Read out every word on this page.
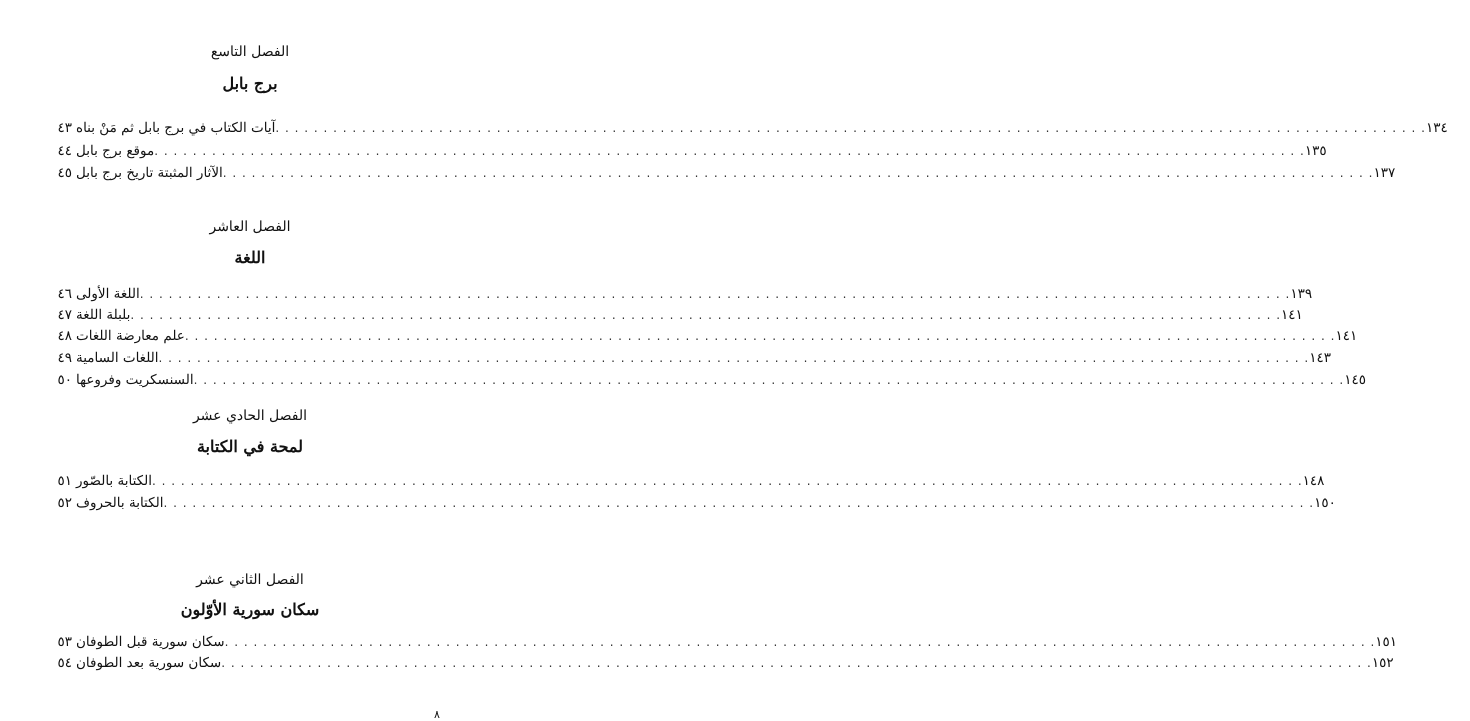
الفصل التاسع
برج بابل
٤٣ آيات الكتاب في برج بابل ثم مَنْ بناه . . . . . . . . . . . . . . . . . . . . . . . . . . . . . . . . . . . . . . . . . . . . . . . . . . . . . . . . . . . . . . . . . . . . . . . . . . . . . . . . . . . . . . . . . . . . . . . . . . . . . . . . . . . . . . . . . . . . . . . . ١٣٤
٤٤ موقع برج بابل . . . . . . . . . . . . . . . . . . . . . . . . . . . . . . . . . . . . . . . . . . . . . . . . . . . . . . . . . . . . . . . . . . . . . . . . . . . . . . . . . . . . . . . . . . . . . . . . . . . . . . . . . . . . . . . . . . . . . . . . ١٣٥
٤٥ الآثار المثبتة تاريخ برج بابل . . . . . . . . . . . . . . . . . . . . . . . . . . . . . . . . . . . . . . . . . . . . . . . . . . . . . . . . . . . . . . . . . . . . . . . . . . . . . . . . . . . . . . . . . . . . . . . . . . . . . . . . . . . . . . . . . . . . . . . . ١٣٧
الفصل العاشر
اللغة
٤٦ اللغة الأولى . . . . . . . . . . . . . . . . . . . . . . . . . . . . . . . . . . . . . . . . . . . . . . . . . . . . . . . . . . . . . . . . . . . . . . . . . . . . . . . . . . . . . . . . . . . . . . . . . . . . . . . . . . . . . . . . . . . . . . . . ١٣٩
٤٧ بلبلة اللغة . . . . . . . . . . . . . . . . . . . . . . . . . . . . . . . . . . . . . . . . . . . . . . . . . . . . . . . . . . . . . . . . . . . . . . . . . . . . . . . . . . . . . . . . . . . . . . . . . . . . . . . . . . . . . . . . . . . . . . . . ١٤١
٤٨ علم معارضة اللغات . . . . . . . . . . . . . . . . . . . . . . . . . . . . . . . . . . . . . . . . . . . . . . . . . . . . . . . . . . . . . . . . . . . . . . . . . . . . . . . . . . . . . . . . . . . . . . . . . . . . . . . . . . . . . . . . . . . . . . . . ١٤١
٤٩ اللغات السامية . . . . . . . . . . . . . . . . . . . . . . . . . . . . . . . . . . . . . . . . . . . . . . . . . . . . . . . . . . . . . . . . . . . . . . . . . . . . . . . . . . . . . . . . . . . . . . . . . . . . . . . . . . . . . . . . . . . . . . . . ١٤٣
٥٠ السنسكريت وفروعها . . . . . . . . . . . . . . . . . . . . . . . . . . . . . . . . . . . . . . . . . . . . . . . . . . . . . . . . . . . . . . . . . . . . . . . . . . . . . . . . . . . . . . . . . . . . . . . . . . . . . . . . . . . . . . . . . . . . . . . . ١٤٥
الفصل الحادي عشر
لمحة في الكتابة
٥١ الكتابة بالصّور . . . . . . . . . . . . . . . . . . . . . . . . . . . . . . . . . . . . . . . . . . . . . . . . . . . . . . . . . . . . . . . . . . . . . . . . . . . . . . . . . . . . . . . . . . . . . . . . . . . . . . . . . . . . . . . . . . . . . . . . ١٤٨
٥٢ الكتابة بالحروف . . . . . . . . . . . . . . . . . . . . . . . . . . . . . . . . . . . . . . . . . . . . . . . . . . . . . . . . . . . . . . . . . . . . . . . . . . . . . . . . . . . . . . . . . . . . . . . . . . . . . . . . . . . . . . . . . . . . . . . . ١٥٠
الفصل الثاني عشر
سكان سورية الأوّلون
٥٣ سكان سورية قبل الطوفان . . . . . . . . . . . . . . . . . . . . . . . . . . . . . . . . . . . . . . . . . . . . . . . . . . . . . . . . . . . . . . . . . . . . . . . . . . . . . . . . . . . . . . . . . . . . . . . . . . . . . . . . . . . . . . . . . . . . . . . . ١٥١
٥٤ سكان سورية بعد الطوفان . . . . . . . . . . . . . . . . . . . . . . . . . . . . . . . . . . . . . . . . . . . . . . . . . . . . . . . . . . . . . . . . . . . . . . . . . . . . . . . . . . . . . . . . . . . . . . . . . . . . . . . . . . . . . . . . . . . . . . . . ١٥٢
٨
